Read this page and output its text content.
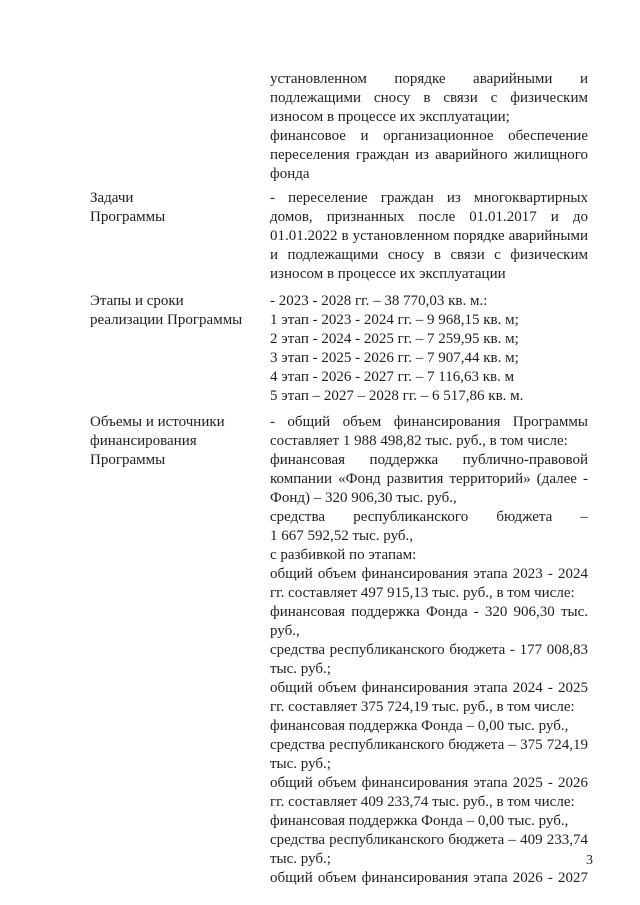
установленном порядке аварийными и
подлежащими сносу в связи с физическим
износом в процессе их эксплуатации;
финансовое и организационное обеспечение
переселения граждан из аварийного жилищного
фонда
Задачи
Программы
- переселение граждан из многоквартирных
домов, признанных после 01.01.2017 и до
01.01.2022 в установленном порядке аварийными
и подлежащими сносу в связи с физическим
износом в процессе их эксплуатации
Этапы и сроки
реализации Программы
- 2023 - 2028 гг. – 38 770,03 кв. м.:
1 этап - 2023 - 2024 гг. – 9 968,15 кв. м;
2 этап - 2024 - 2025 гг. – 7 259,95 кв. м;
3 этап - 2025 - 2026 гг. – 7 907,44 кв. м;
4 этап - 2026 - 2027 гг. – 7 116,63 кв. м
5 этап – 2027 – 2028 гг. – 6 517,86 кв. м.
Объемы и источники
финансирования
Программы
- общий объем финансирования Программы
составляет 1 988 498,82 тыс. руб., в том числе:
финансовая поддержка публично-правовой
компании «Фонд развития территорий» (далее -
Фонд) – 320 906,30 тыс. руб.,
средства республиканского бюджета –
1 667 592,52 тыс. руб.,
с разбивкой по этапам:
общий объем финансирования этапа 2023 - 2024
гг. составляет 497 915,13 тыс. руб., в том числе:
финансовая поддержка Фонда - 320 906,30 тыс.
руб.,
средства республиканского бюджета - 177 008,83
тыс. руб.;
общий объем финансирования этапа 2024 - 2025
гг. составляет 375 724,19 тыс. руб., в том числе:
финансовая поддержка Фонда – 0,00 тыс. руб.,
средства республиканского бюджета – 375 724,19
тыс. руб.;
общий объем финансирования этапа 2025 - 2026
гг. составляет 409 233,74 тыс. руб., в том числе:
финансовая поддержка Фонда – 0,00 тыс. руб.,
средства республиканского бюджета – 409 233,74
тыс. руб.;
общий объем финансирования этапа 2026 - 2027
3
